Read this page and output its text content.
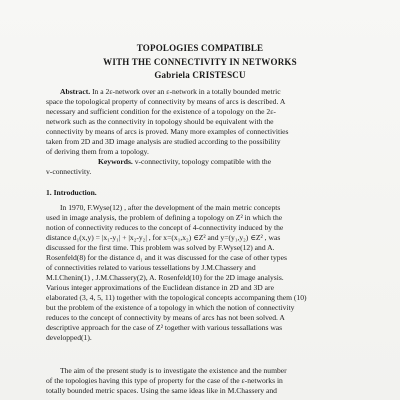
TOPOLOGIES COMPATIBLE
WITH THE CONNECTIVITY IN NETWORKS
Gabriela CRISTESCU
Abstract. In a 2ε-network over an ε-network in a totally bounded metric
space the topological property of connectivity by means of arcs is described. A
necessary and sufficient condition for the existence of a topology on the 2ε-
network such as the connectivity in topology should be equivalent with the
connectivity by means of arcs is proved. Many more examples of connectivities
taken from 2D and 3D image analysis are studied according to the possibility
of deriving them from a topology.
Keywords. v-connectivity, topology compatible with the
v-connectivity.
1. Introduction.
In 1970, F.Wyse(12) , after the development of the main metric concepts
used in image analysis, the problem of defining a topology on Z² in which the
notion of connectivity reduces to the concept of 4-connectivity induced by the
distance d₁(x,y) = |x₁-y₁| + |x₂-y₂| , for x=(x₁,x₂) ∈Z² and y=(y₁,y₂) ∈Z² , was
discussed for the first time. This problem was solved by F.Wyse(12) and A.
Rosenfeld(8) for the distance d₁ and it was discussed for the case of other types
of connectivities related to various tessellations by J.M.Chassery and
M.I.Chenin(1) , J.M.Chassery(2), A. Rosenfeld(10) for the 2D image analysis.
Various integer approximations of the Euclidean distance in 2D and 3D are
elaborated (3, 4, 5, 11) together with the topological concepts accompaning them (10)
but the problem of the existence of a topology in which the notion of connectivity
reduces to the concept of connectivity by means of arcs has not been solved. A
descriptive approach for the case of Z² together with various tessallations was
developped(1).
The aim of the present study is to investigate the existence and the number
of the topologies having this type of property for the case of the ε-networks in
totally bounded metric spaces. Using the same ideas like in M.Chassery and
